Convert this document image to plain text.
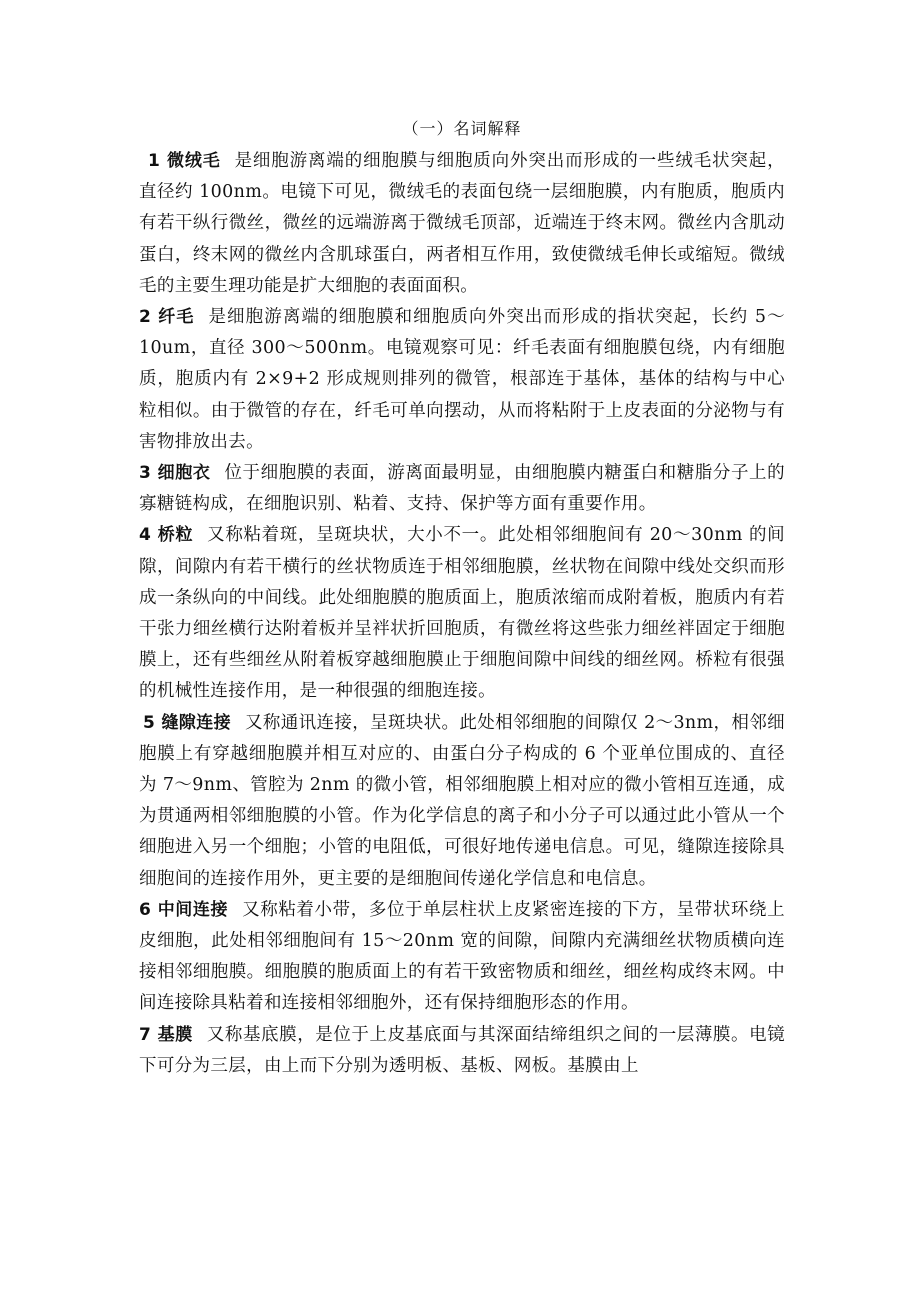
（一）名词解释

1 微绒毛 是细胞游离端的细胞膜与细胞质向外突出而形成的一些绒毛状突起，直径约 100nm。电镜下可见，微绒毛的表面包绕一层细胞膜，内有胞质，胞质内有若干纵行微丝，微丝的远端游离于微绒毛顶部，近端连于终末网。微丝内含肌动蛋白，终末网的微丝内含肌球蛋白，两者相互作用，致使微绒毛伸长或缩短。微绒毛的主要生理功能是扩大细胞的表面面积。

2 纤毛 是细胞游离端的细胞膜和细胞质向外突出而形成的指状突起，长约 5～10um，直径 300～500nm。电镜观察可见：纤毛表面有细胞膜包绕，内有细胞质，胞质内有 2×9+2 形成规则排列的微管，根部连于基体，基体的结构与中心粒相似。由于微管的存在，纤毛可单向摆动，从而将粘附于上皮表面的分泌物与有害物排放出去。

3 细胞衣 位于细胞膜的表面，游离面最明显，由细胞膜内糖蛋白和糖脂分子上的寡糖链构成，在细胞识别、粘着、支持、保护等方面有重要作用。

4 桥粒 又称粘着斑，呈斑块状，大小不一。此处相邻细胞间有 20～30nm 的间隙，间隙内有若干横行的丝状物质连于相邻细胞膜，丝状物在间隙中线处交织而形成一条纵向的中间线。此处细胞膜的胞质面上，胞质浓缩而成附着板，胞质内有若干张力细丝横行达附着板并呈袢状折回胞质，有微丝将这些张力细丝袢固定于细胞膜上，还有些细丝从附着板穿越细胞膜止于细胞间隙中间线的细丝网。桥粒有很强的机械性连接作用，是一种很强的细胞连接。

5 缝隙连接 又称通讯连接，呈斑块状。此处相邻细胞的间隙仅 2～3nm，相邻细胞膜上有穿越细胞膜并相互对应的、由蛋白分子构成的 6 个亚单位围成的、直径为 7～9nm、管腔为 2nm 的微小管，相邻细胞膜上相对应的微小管相互连通，成为贯通两相邻细胞膜的小管。作为化学信息的离子和小分子可以通过此小管从一个细胞进入另一个细胞；小管的电阻低，可很好地传递电信息。可见，缝隙连接除具细胞间的连接作用外，更主要的是细胞间传递化学信息和电信息。

6 中间连接 又称粘着小带，多位于单层柱状上皮紧密连接的下方，呈带状环绕上皮细胞，此处相邻细胞间有 15～20nm 宽的间隙，间隙内充满细丝状物质横向连接相邻细胞膜。细胞膜的胞质面上的有若干致密物质和细丝，细丝构成终末网。中间连接除具粘着和连接相邻细胞外，还有保持细胞形态的作用。

7 基膜 又称基底膜，是位于上皮基底面与其深面结缔组织之间的一层薄膜。电镜下可分为三层，由上而下分别为透明板、基板、网板。基膜由上
